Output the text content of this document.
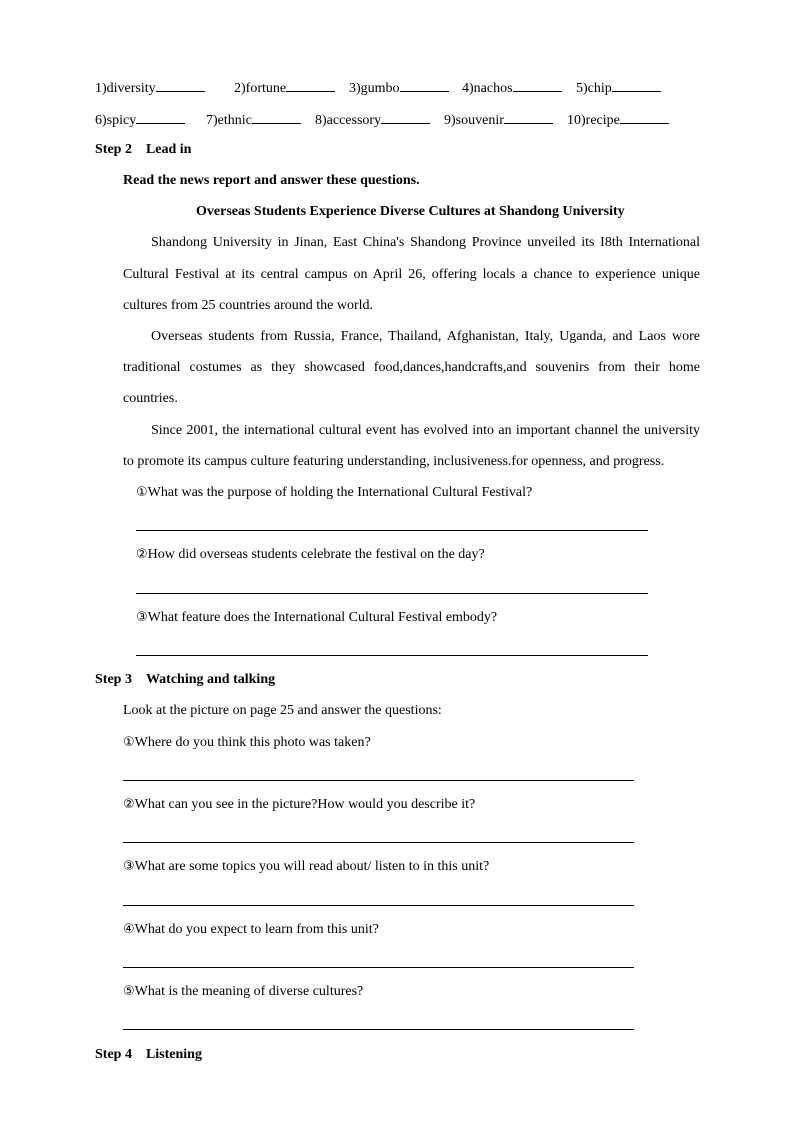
1)diversity	2)fortune	3)gumbo	4)nachos	5)chip
6)spicy	7)ethnic	8)accessory	9)souvenir	10)recipe
Step 2    Lead in
Read the news report and answer these questions.
Overseas Students Experience Diverse Cultures at Shandong University
Shandong University in Jinan, East China's Shandong Province unveiled its I8th International
Cultural Festival at its central campus on April 26, offering locals a chance to experience unique
cultures from 25 countries around the world.
Overseas students from Russia, France, Thailand, Afghanistan, Italy, Uganda, and Laos wore
traditional costumes as they showcased food,dances,handcrafts,and souvenirs from their home
countries.
Since 2001, the international cultural event has evolved into an important channel the university
to promote its campus culture featuring understanding, inclusiveness.for openness, and progress.
①What was the purpose of holding the International Cultural Festival?
②How did overseas students celebrate the festival on the day?
③What feature does the International Cultural Festival embody?
Step 3    Watching and talking
Look at the picture on page 25 and answer the questions:
①Where do you think this photo was taken?
②What can you see in the picture?How would you describe it?
③What are some topics you will read about/ listen to in this unit?
④What do you expect to learn from this unit?
⑤What is the meaning of diverse cultures?
Step 4    Listening
